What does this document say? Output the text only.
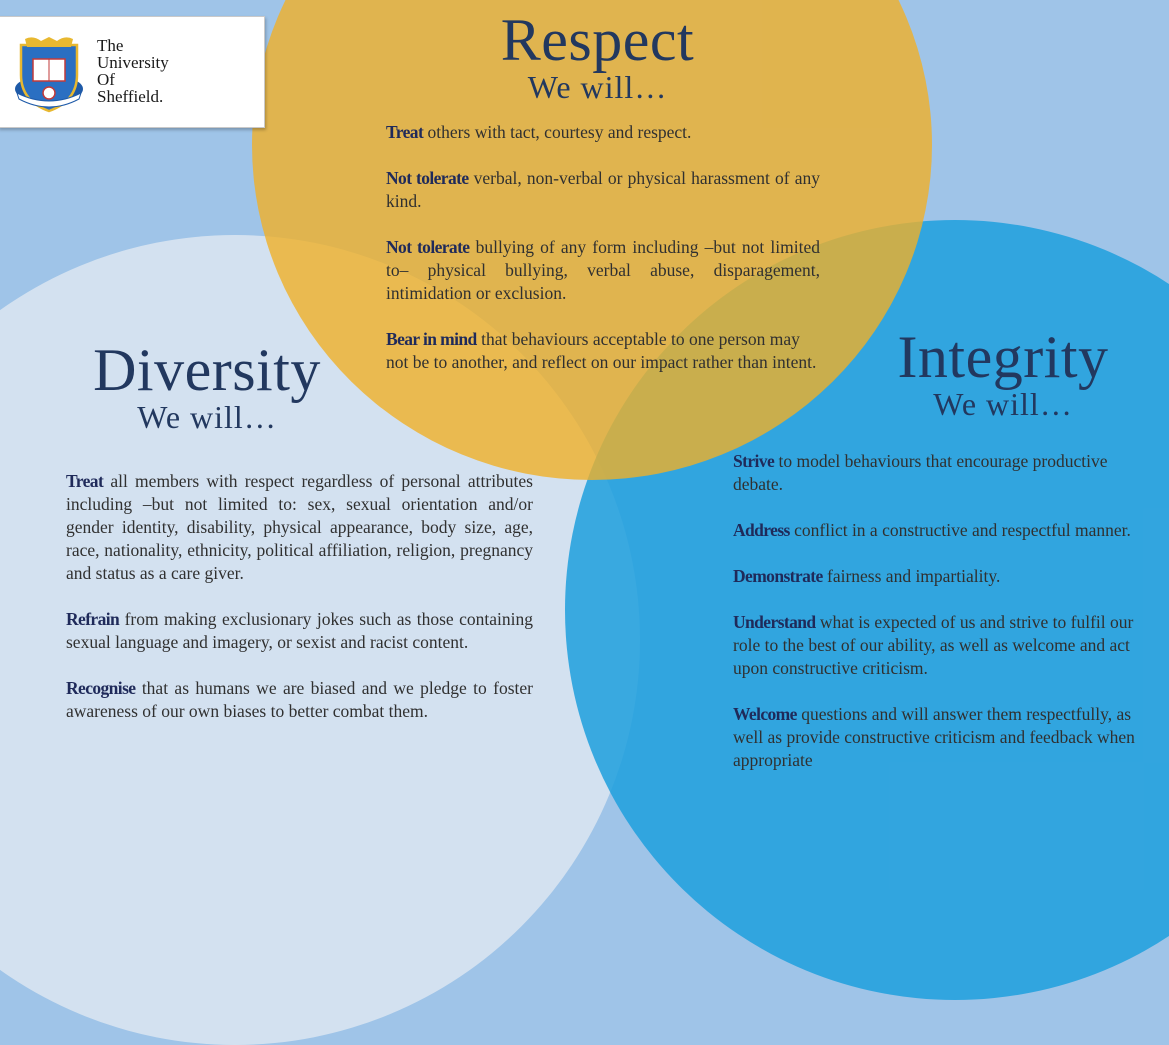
The
University
Of
Sheffield.
Respect
We will…

Treat others with tact, courtesy and respect.

Not tolerate verbal, non-verbal or physical harassment of any kind.

Not tolerate bullying of any form including –but not limited to– physical bullying, verbal abuse, disparagement, intimidation or exclusion.

Bear in mind that behaviours acceptable to one person may not be to another, and reflect on our impact rather than intent.

Diversity
We will…

Treat all members with respect regardless of personal attributes including –but not limited to: sex, sexual orientation and/or gender identity, disability, physical appearance, body size, age, race, nationality, ethnicity, political affiliation, religion, pregnancy and status as a care giver.

Refrain from making exclusionary jokes such as those containing sexual language and imagery, or sexist and racist content.

Recognise that as humans we are biased and we pledge to foster awareness of our own biases to better combat them.

Integrity
We will…

Strive to model behaviours that encourage productive debate.

Address conflict in a constructive and respectful manner.

Demonstrate fairness and impartiality.

Understand what is expected of us and strive to fulfil our role to the best of our ability, as well as welcome and act upon constructive criticism.

Welcome questions and will answer them respectfully, as well as provide constructive criticism and feedback when appropriate
